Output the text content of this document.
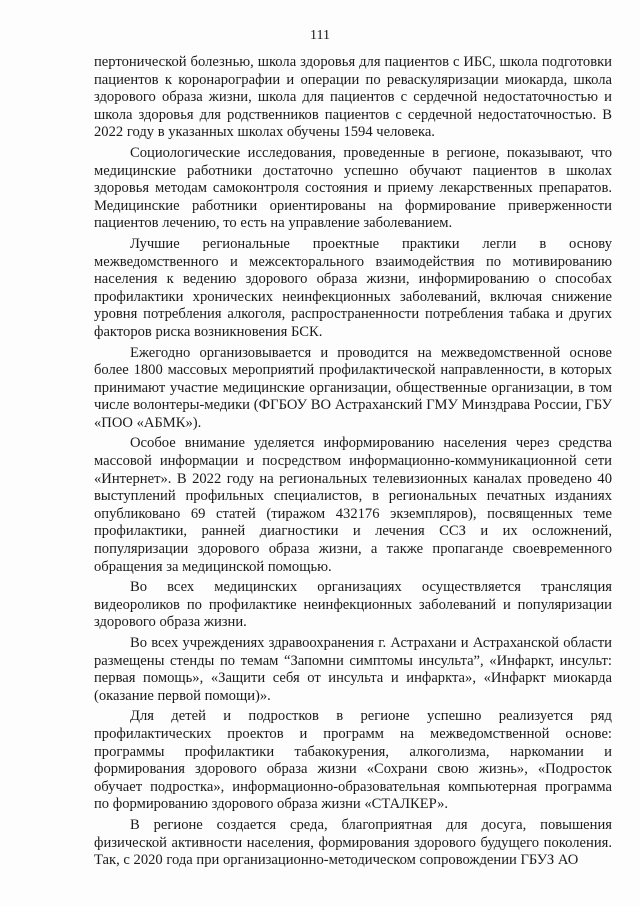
111

пертонической болезнью, школа здоровья для пациентов с ИБС, школа подготовки пациентов к коронарографии и операции по реваскуляризации миокарда, школа здорового образа жизни, школа для пациентов с сердечной недостаточностью и школа здоровья для родственников пациентов с сердечной недостаточностью. В 2022 году в указанных школах обучены 1594 человека.

Социологические исследования, проведенные в регионе, показывают, что медицинские работники достаточно успешно обучают пациентов в школах здоровья методам самоконтроля состояния и приему лекарственных препаратов. Медицинские работники ориентированы на формирование приверженности пациентов лечению, то есть на управление заболеванием.

Лучшие региональные проектные практики легли в основу межведомственного и межсекторального взаимодействия по мотивированию населения к ведению здорового образа жизни, информированию о способах профилактики хронических неинфекционных заболеваний, включая снижение уровня потребления алкоголя, распространенности потребления табака и других факторов риска возникновения БСК.

Ежегодно организовывается и проводится на межведомственной основе более 1800 массовых мероприятий профилактической направленности, в которых принимают участие медицинские организации, общественные организации, в том числе волонтеры-медики (ФГБОУ ВО Астраханский ГМУ Минздрава России, ГБУ «ПОО «АБМК»).

Особое внимание уделяется информированию населения через средства массовой информации и посредством информационно-коммуникационной сети «Интернет». В 2022 году на региональных телевизионных каналах проведено 40 выступлений профильных специалистов, в региональных печатных изданиях опубликовано 69 статей (тиражом 432176 экземпляров), посвященных теме профилактики, ранней диагностики и лечения ССЗ и их осложнений, популяризации здорового образа жизни, а также пропаганде своевременного обращения за медицинской помощью.

Во всех медицинских организациях осуществляется трансляция видеороликов по профилактике неинфекционных заболеваний и популяризации здорового образа жизни.

Во всех учреждениях здравоохранения г. Астрахани и Астраханской области размещены стенды по темам “Запомни симптомы инсульта”, «Инфаркт, инсульт: первая помощь», «Защити себя от инсульта и инфаркта», «Инфаркт миокарда (оказание первой помощи)».

Для детей и подростков в регионе успешно реализуется ряд профилактических проектов и программ на межведомственной основе: программы профилактики табакокурения, алкоголизма, наркомании и формирования здорового образа жизни «Сохрани свою жизнь», «Подросток обучает подростка», информационно-образовательная компьютерная программа по формированию здорового образа жизни «СТАЛКЕР».

В регионе создается среда, благоприятная для досуга, повышения физической активности населения, формирования здорового будущего поколения. Так, с 2020 года при организационно-методическом сопровождении ГБУЗ АО
